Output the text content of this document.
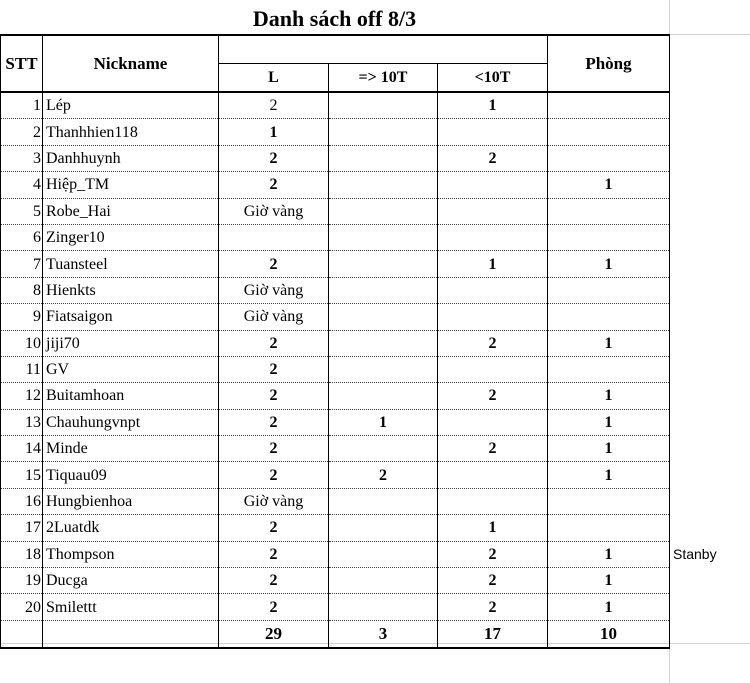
Danh sách off 8/3
STT	Nickname				Phòng
		L	=> 10T	<10T	
1	Lép	2		1	
2	Thanhhien118	1			
3	Danhhuynh	2		2	
4	Hiệp_TM	2			1
5	Robe_Hai	Giờ vàng			
6	Zinger10				
7	Tuansteel	2		1	1
8	Hienkts	Giờ vàng			
9	Fiatsaigon	Giờ vàng			
10	jiji70	2		2	1
11	GV	2			
12	Buitamhoan	2		2	1
13	Chauhungvnpt	2	1		1
14	Minde	2		2	1
15	Tiquau09	2	2		1
16	Hungbienhoa	Giờ vàng			
17	2Luatdk	2		1	
18	Thompson	2		2	1
19	Ducga	2		2	1
20	Smilettt	2		2	1
		29	3	17	10
Stanby
